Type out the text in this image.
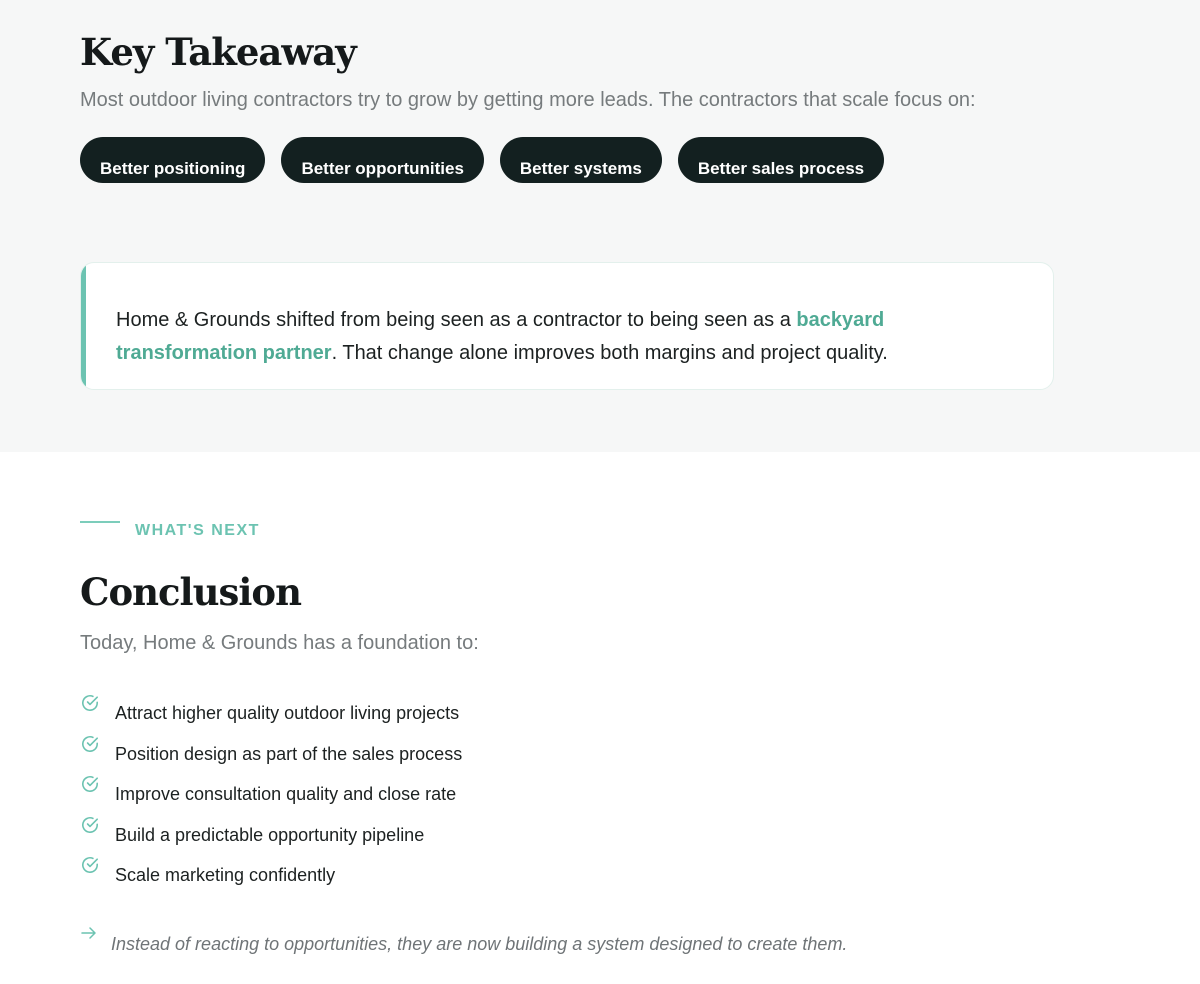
Key Takeaway

Most outdoor living contractors try to grow by getting more leads. The contractors that scale focus on:

Better positioning	Better opportunities	Better systems	Better sales process

Home & Grounds shifted from being seen as a contractor to being seen as a backyard transformation partner. That change alone improves both margins and project quality.

WHAT'S NEXT
Conclusion

Today, Home & Grounds has a foundation to:

Attract higher quality outdoor living projects
Position design as part of the sales process
Improve consultation quality and close rate
Build a predictable opportunity pipeline
Scale marketing confidently
Instead of reacting to opportunities, they are now building a system designed to create them.
